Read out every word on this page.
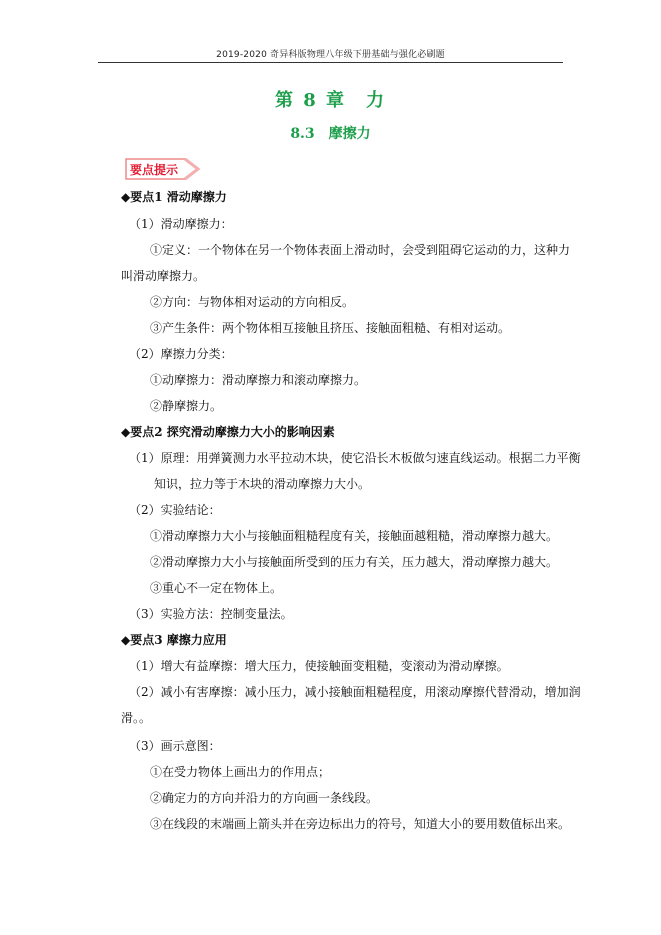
2019-2020 奇异科版物理八年级下册基础与强化必刷题
第 8 章　力
8.3　摩擦力
要点提示
◆要点1 滑动摩擦力
（1）滑动摩擦力：
①定义：一个物体在另一个物体表面上滑动时，会受到阻碍它运动的力，这种力
叫滑动摩擦力。
②方向：与物体相对运动的方向相反。
③产生条件：两个物体相互接触且挤压、接触面粗糙、有相对运动。
（2）摩擦力分类：
①动摩擦力：滑动摩擦力和滚动摩擦力。
②静摩擦力。
◆要点2 探究滑动摩擦力大小的影响因素
（1）原理：用弹簧测力水平拉动木块，使它沿长木板做匀速直线运动。根据二力平衡
知识，拉力等于木块的滑动摩擦力大小。
（2）实验结论：
①滑动摩擦力大小与接触面粗糙程度有关，接触面越粗糙，滑动摩擦力越大。
②滑动摩擦力大小与接触面所受到的压力有关，压力越大，滑动摩擦力越大。
③重心不一定在物体上。
（3）实验方法：控制变量法。
◆要点3 摩擦力应用
（1）增大有益摩擦：增大压力，使接触面变粗糙，变滚动为滑动摩擦。
（2）减小有害摩擦：减小压力，减小接触面粗糙程度，用滚动摩擦代替滑动，增加润
滑。。
（3）画示意图：
①在受力物体上画出力的作用点；
②确定力的方向并沿力的方向画一条线段。
③在线段的末端画上箭头并在旁边标出力的符号，知道大小的要用数值标出来。
